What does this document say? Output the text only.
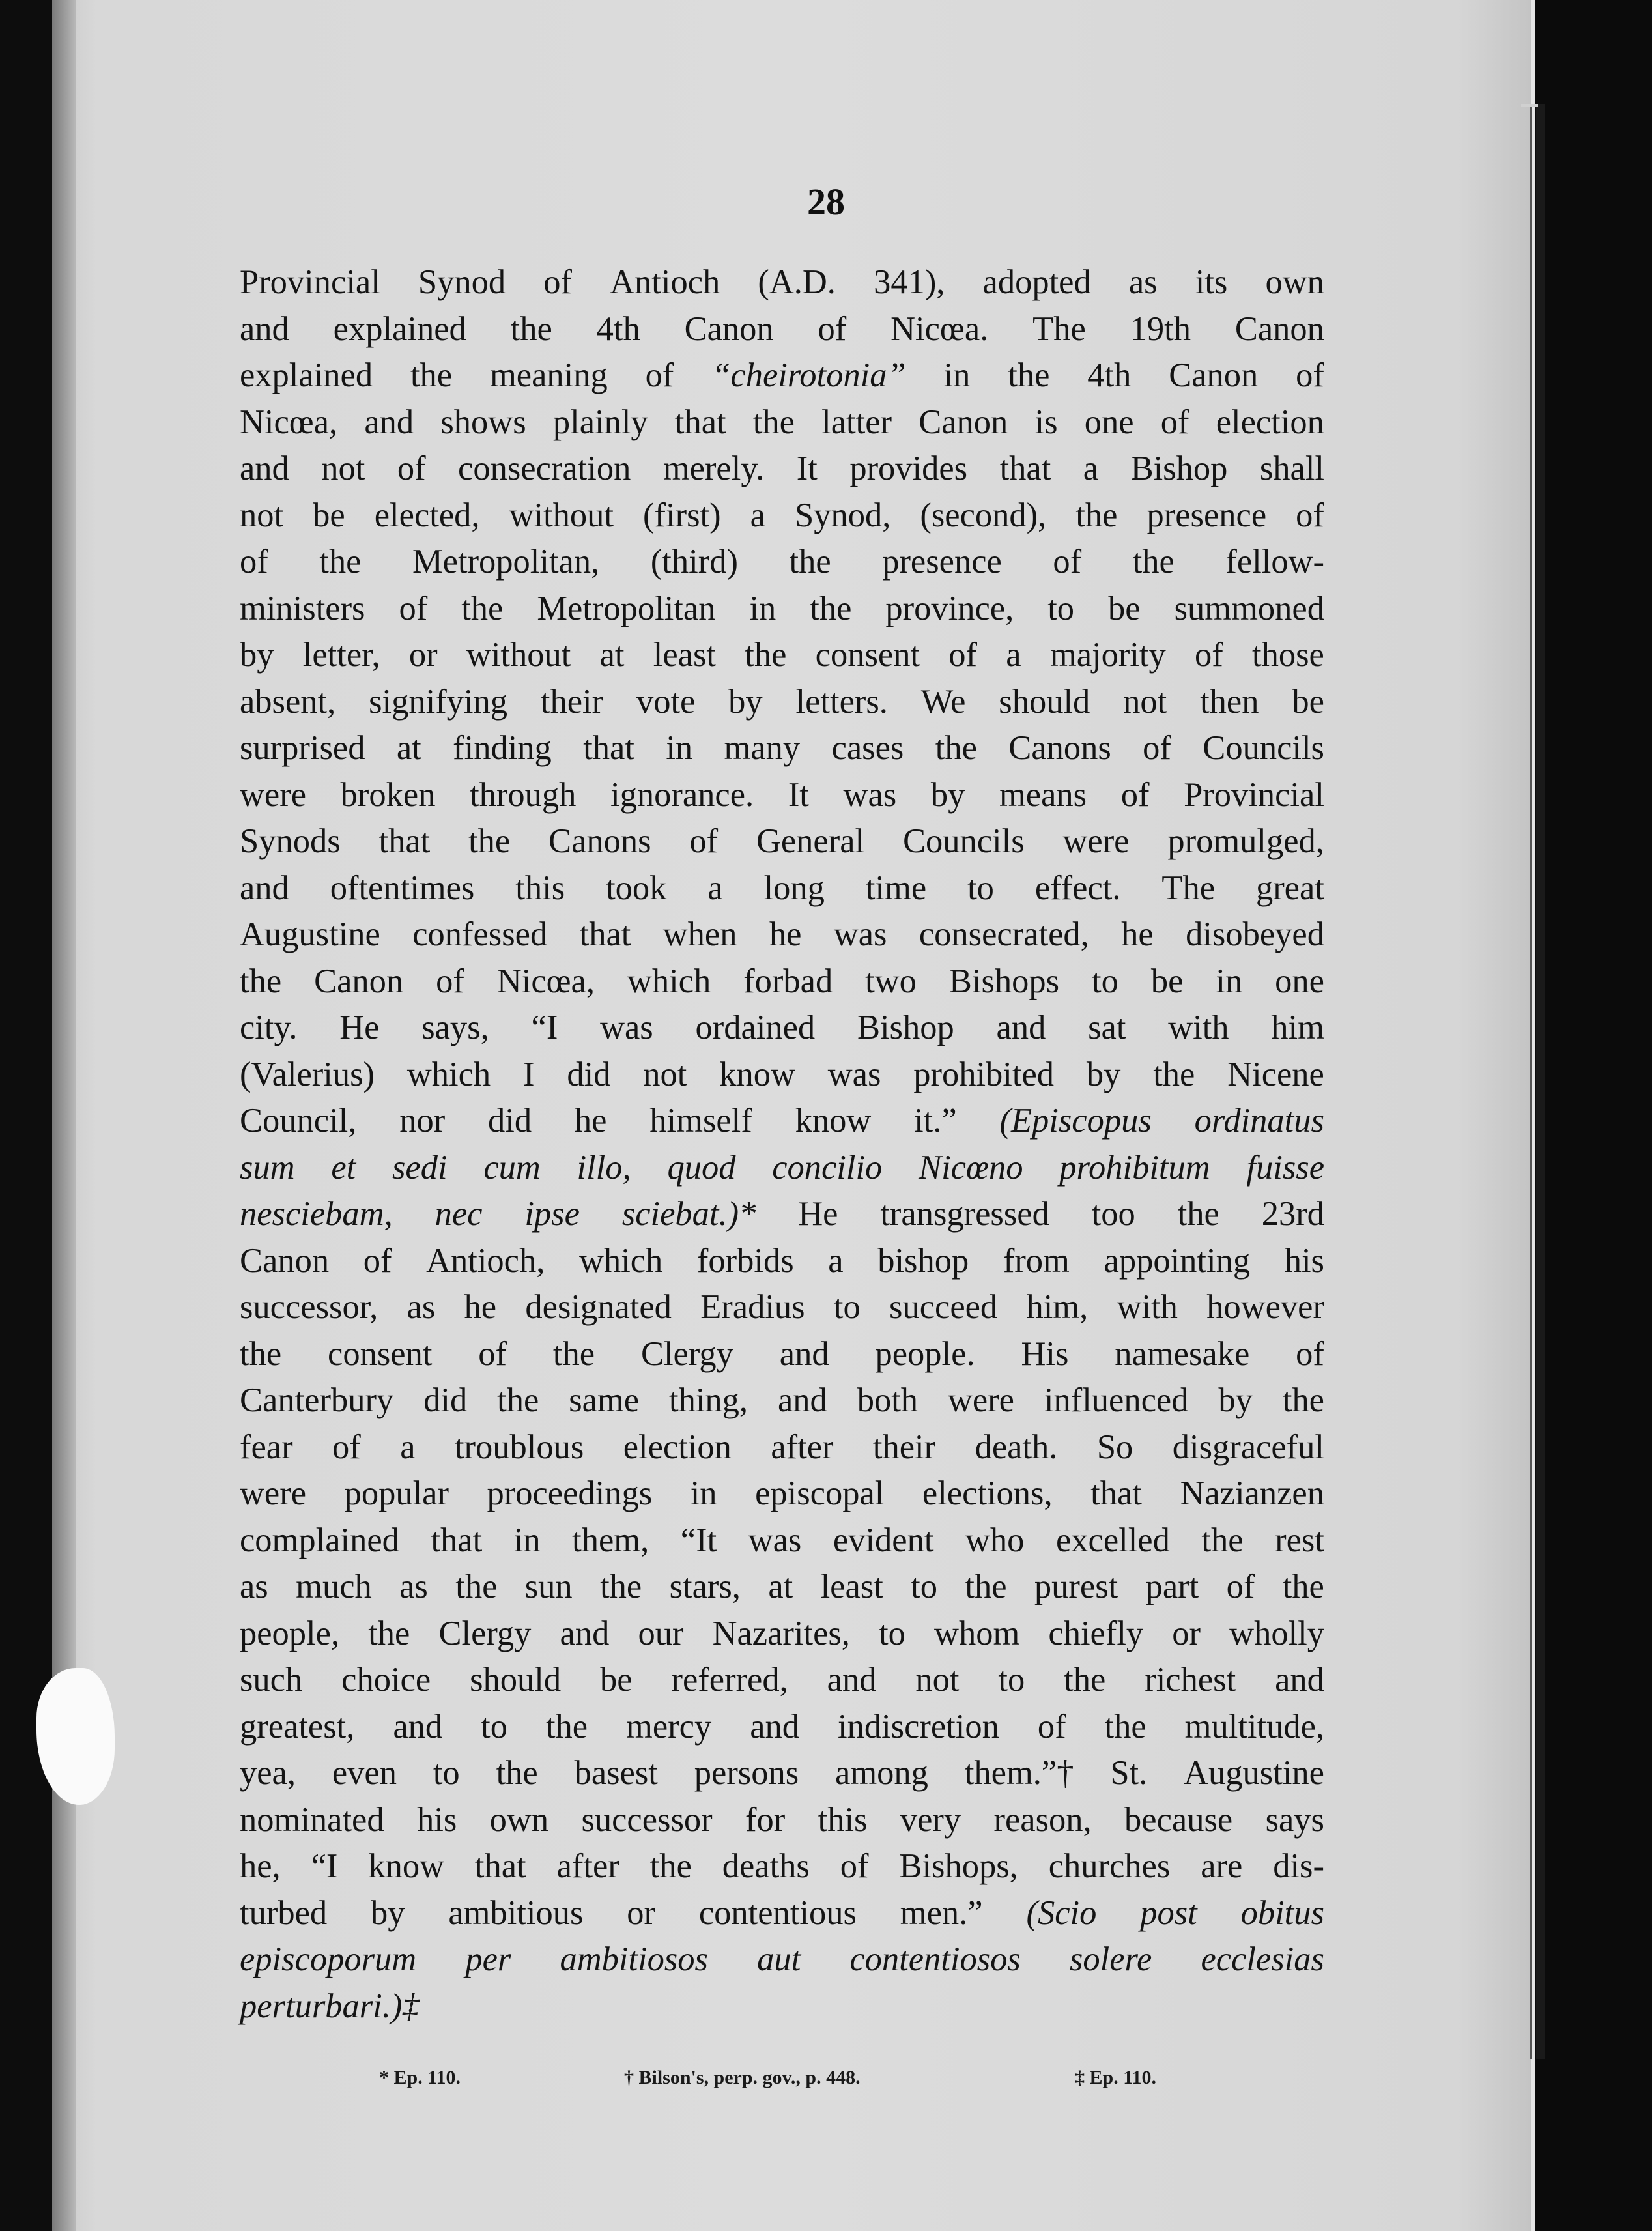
28
Provincial Synod of Antioch (A.D. 341), adopted as its own
and explained the 4th Canon of Nicœa. The 19th Canon
explained the meaning of “cheirotonia” in the 4th Canon of
Nicœa, and shows plainly that the latter Canon is one of election
and not of consecration merely. It provides that a Bishop shall
not be elected, without (first) a Synod, (second), the presence of
of the Metropolitan, (third) the presence of the fellow-
ministers of the Metropolitan in the province, to be summoned
by letter, or without at least the consent of a majority of those
absent, signifying their vote by letters. We should not then be
surprised at finding that in many cases the Canons of Councils
were broken through ignorance. It was by means of Provincial
Synods that the Canons of General Councils were promulged,
and oftentimes this took a long time to effect. The great
Augustine confessed that when he was consecrated, he disobeyed
the Canon of Nicœa, which forbad two Bishops to be in one
city. He says, “I was ordained Bishop and sat with him
(Valerius) which I did not know was prohibited by the Nicene
Council, nor did he himself know it.” (Episcopus ordinatus
sum et sedi cum illo, quod concilio Nicœno prohibitum fuisse
nesciebam, nec ipse sciebat.)* He transgressed too the 23rd
Canon of Antioch, which forbids a bishop from appointing his
successor, as he designated Eradius to succeed him, with however
the consent of the Clergy and people. His namesake of
Canterbury did the same thing, and both were influenced by the
fear of a troublous election after their death. So disgraceful
were popular proceedings in episcopal elections, that Nazianzen
complained that in them, “It was evident who excelled the rest
as much as the sun the stars, at least to the purest part of the
people, the Clergy and our Nazarites, to whom chiefly or wholly
such choice should be referred, and not to the richest and
greatest, and to the mercy and indiscretion of the multitude,
yea, even to the basest persons among them.”† St. Augustine
nominated his own successor for this very reason, because says
he, “I know that after the deaths of Bishops, churches are dis-
turbed by ambitious or contentious men.” (Scio post obitus
episcoporum per ambitiosos aut contentiosos solere ecclesias
perturbari.)‡
* Ep. 110.	† Bilson's, perp. gov., p. 448.	‡ Ep. 110.
